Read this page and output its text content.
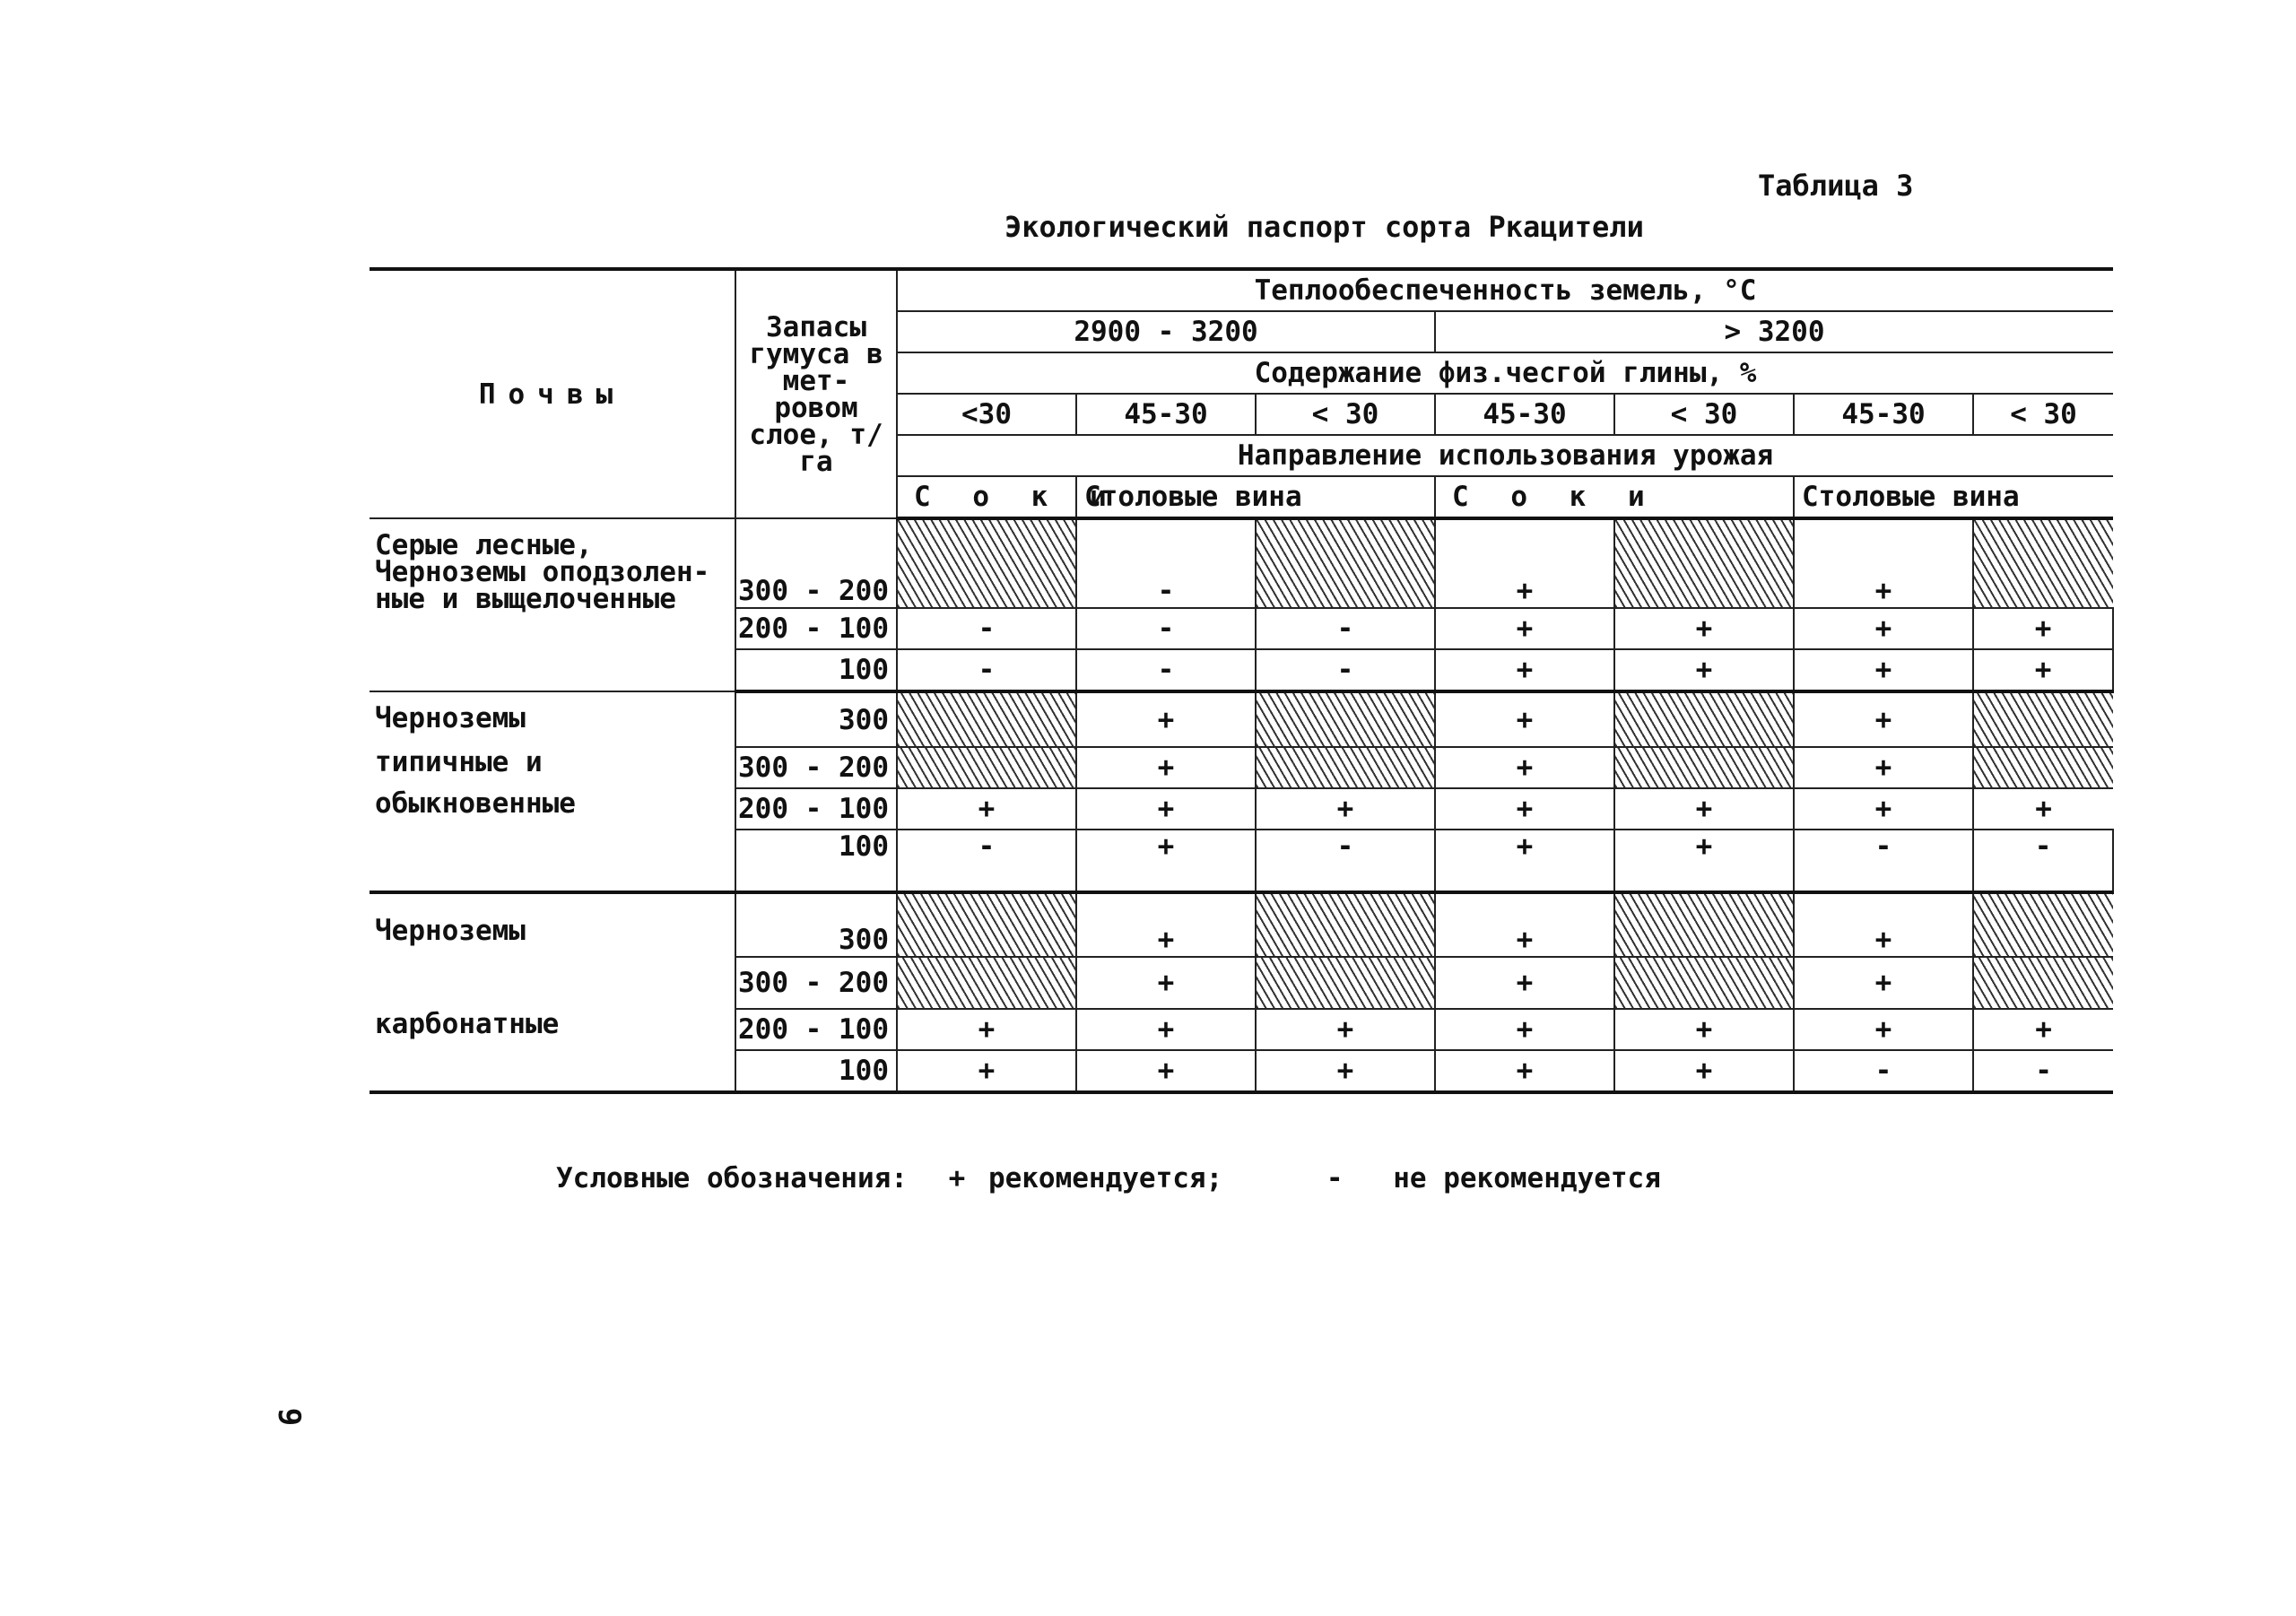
Таблица 3
Экологический паспорт сорта Ркацители
Почвы	Запасы гумуса в мет- ровом слое, т/га	Теплообеспеченность земель, °С						
		2900 - 3200			> 3200			
		Содержание физ.чесгой глины, %						
		<30	45-30	< 30	45-30	< 30	45-30	< 30
		Направление использования урожая						
		С о к и	Столовые вина		С о к и		Столовые вина	
Серые лесные, Черноземы оподзолен- ные и выщелоченные	300 - 200		-		+		+	
	200 - 100	-	-	-	+	+	+	+
	100	-	-	-	+	+	+	+
Черноземы	300		+		+		+	
типичные и	300 - 200		+		+		+	
обыкновенные	200 - 100	+	+	+	+	+	+	+
	100	-	+	-	+	+	-	-
Черноземы	300		+		+		+	
	300 - 200		+		+		+	
карбонатные	200 - 100	+	+	+	+	+	+	+
	100	+	+	+	+	+	-	-
Условные обозначения:	+ рекомендуется;	-	не рекомендуется
9
